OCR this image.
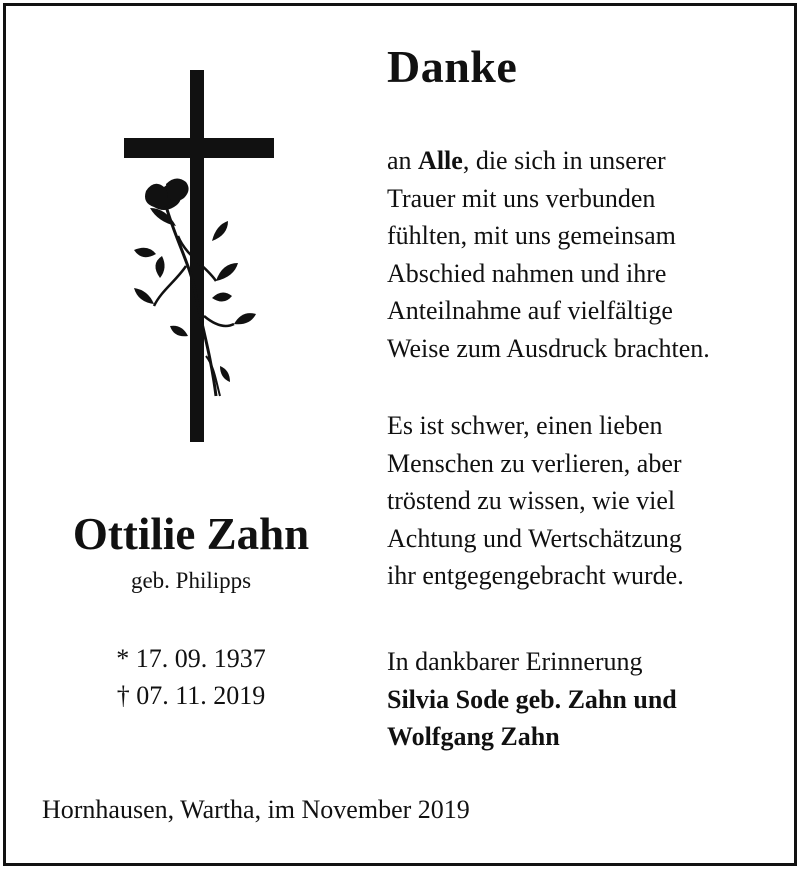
Danke

an Alle, die sich in unserer
Trauer mit uns verbunden
fühlten, mit uns gemeinsam
Abschied nahmen und ihre
Anteilnahme auf vielfältige
Weise zum Ausdruck brachten.

Es ist schwer, einen lieben
Menschen zu verlieren, aber
tröstend zu wissen, wie viel
Achtung und Wertschätzung
ihr entgegengebracht wurde.

In dankbarer Erinnerung
Silvia Sode geb. Zahn und
Wolfgang Zahn

Ottilie Zahn
geb. Philipps
* 17. 09. 1937
† 07. 11. 2019
Hornhausen, Wartha, im November 2019
